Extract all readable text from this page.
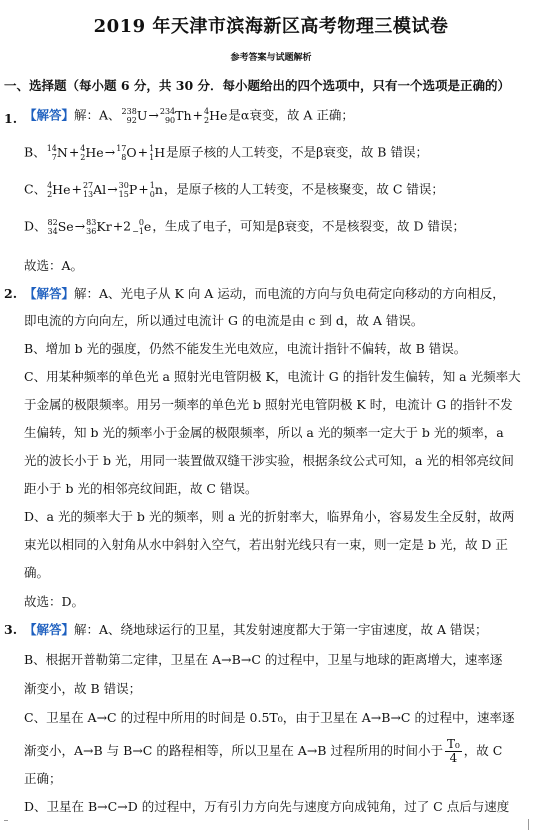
2019 年天津市滨海新区高考物理三模试卷
参考答案与试题解析
一、选择题（每小题 6 分，共 30 分．每小题给出的四个选项中，只有一个选项是正确的）
1. 【解答】解：A、 238
92 U→ 234
90 Th+ 4
2 He是α衰变，故 A 正确；
B、 14
7 N+ 4
2 He→ 17
8 O+ 1
1 H是原子核的人工转变，不是β衰变，故 B 错误；
C、 4
2 He+ 27
13 Al→ 30
15 P+ 1
0 n，是原子核的人工转变，不是核聚变，故 C 错误；
D、 82
34 Se→ 83
36 Kr+2 0
−1 e，生成了电子，可知是β衰变，不是核裂变，故 D 错误；
故选：A。
2. 【解答】解：A、光电子从 K 向 A 运动，而电流的方向与负电荷定向移动的方向相反，
即电流的方向向左，所以通过电流计 G 的电流是由 c 到 d，故 A 错误。
B、增加 b 光的强度，仍然不能发生光电效应，电流计指针不偏转，故 B 错误。
C、用某种频率的单色光 a 照射光电管阴极 K，电流计 G 的指针发生偏转，知 a 光频率大
于金属的极限频率。用另一频率的单色光 b 照射光电管阴极 K 时，电流计 G 的指针不发
生偏转，知 b 光的频率小于金属的极限频率，所以 a 光的频率一定大于 b 光的频率，a
光的波长小于 b 光，用同一装置做双缝干涉实验，根据条纹公式可知，a 光的相邻亮纹间
距小于 b 光的相邻亮纹间距，故 C 错误。
D、a 光的频率大于 b 光的频率，则 a 光的折射率大，临界角小，容易发生全反射，故两
束光以相同的入射角从水中斜射入空气，若出射光线只有一束，则一定是 b 光，故 D 正
确。
故选：D。
3. 【解答】解：A、绕地球运行的卫星，其发射速度都大于第一宇宙速度，故 A 错误；
B、根据开普勒第二定律，卫星在 A→B→C 的过程中，卫星与地球的距离增大，速率逐
渐变小，故 B 错误；
C、卫星在 A→C 的过程中所用的时间是 0.5T₀，由于卫星在 A→B→C 的过程中，速率逐
渐变小，A→B 与 B→C 的路程相等，所以卫星在 A→B 过程所用的时间小于 $\frac{\text{T₀}}{4}$ ，故 C
正确；
D、卫星在 B→C→D 的过程中，万有引力方向先与速度方向成钝角，过了 C 点后与速度
